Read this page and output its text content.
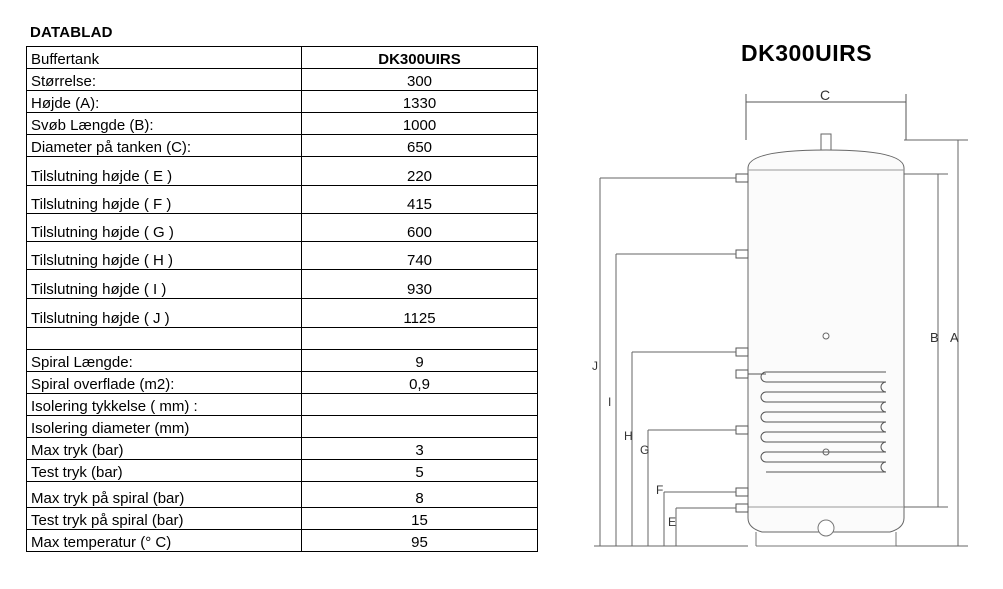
DATABLAD
Buffertank	DK300UIRS
Størrelse:	300
Højde (A):	1330
Svøb Længde (B):	1000
Diameter på tanken (C):	650
Tilslutning højde ( E )	220
Tilslutning højde ( F )	415
Tilslutning højde ( G )	600
Tilslutning højde ( H )	740
Tilslutning højde ( I )	930
Tilslutning højde ( J )	1125

Spiral Længde:	9
Spiral overflade (m2):	0,9
Isolering tykkelse ( mm) :	
Isolering diameter (mm)	
Max tryk (bar)	3
Test tryk (bar)	5
Max tryk på spiral (bar)	8
Test tryk på spiral (bar)	15
Max temperatur (° C)	95
DK300UIRS
C
J
I
H
G
F
E
B A
